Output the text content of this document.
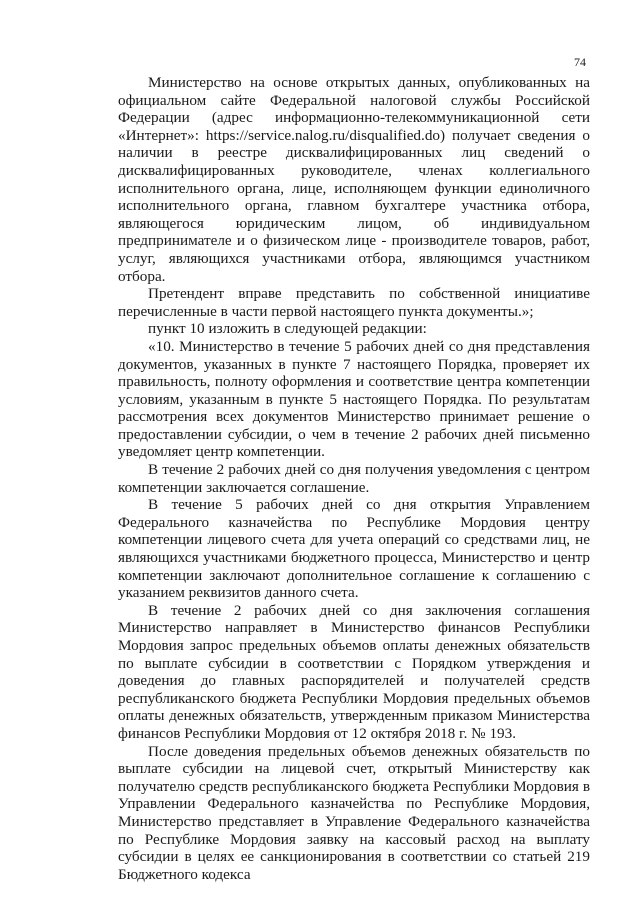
74

Министерство на основе открытых данных, опубликованных на официальном сайте Федеральной налоговой службы Российской Федерации (адрес информационно-телекоммуникационной сети «Интернет»: https://service.nalog.ru/disqualified.do) получает сведения о наличии в реестре дисквалифицированных лиц сведений о дисквалифицированных руководителе, членах коллегиального исполнительного органа, лице, исполняющем функции единоличного исполнительного органа, главном бухгалтере участника отбора, являющегося юридическим лицом, об индивидуальном предпринимателе и о физическом лице - производителе товаров, работ, услуг, являющихся участниками отбора, являющимся участником отбора.

Претендент вправе представить по собственной инициативе перечисленные в части первой настоящего пункта документы.»;

пункт 10 изложить в следующей редакции:

«10. Министерство в течение 5 рабочих дней со дня представления документов, указанных в пункте 7 настоящего Порядка, проверяет их правильность, полноту оформления и соответствие центра компетенции условиям, указанным в пункте 5 настоящего Порядка. По результатам рассмотрения всех документов Министерство принимает решение о предоставлении субсидии, о чем в течение 2 рабочих дней письменно уведомляет центр компетенции.

В течение 2 рабочих дней со дня получения уведомления с центром компетенции заключается соглашение.

В течение 5 рабочих дней со дня открытия Управлением Федерального казначейства по Республике Мордовия центру компетенции лицевого счета для учета операций со средствами лиц, не являющихся участниками бюджетного процесса, Министерство и центр компетенции заключают дополнительное соглашение к соглашению с указанием реквизитов данного счета.

В течение 2 рабочих дней со дня заключения соглашения Министерство направляет в Министерство финансов Республики Мордовия запрос предельных объемов оплаты денежных обязательств по выплате субсидии в соответствии с Порядком утверждения и доведения до главных распорядителей и получателей средств республиканского бюджета Республики Мордовия предельных объемов оплаты денежных обязательств, утвержденным приказом Министерства финансов Республики Мордовия от 12 октября 2018 г. № 193.

После доведения предельных объемов денежных обязательств по выплате субсидии на лицевой счет, открытый Министерству как получателю средств республиканского бюджета Республики Мордовия в Управлении Федерального казначейства по Республике Мордовия, Министерство представляет в Управление Федерального казначейства по Республике Мордовия заявку на кассовый расход на выплату субсидии в целях ее санкционирования в соответствии со статьей 219 Бюджетного кодекса
